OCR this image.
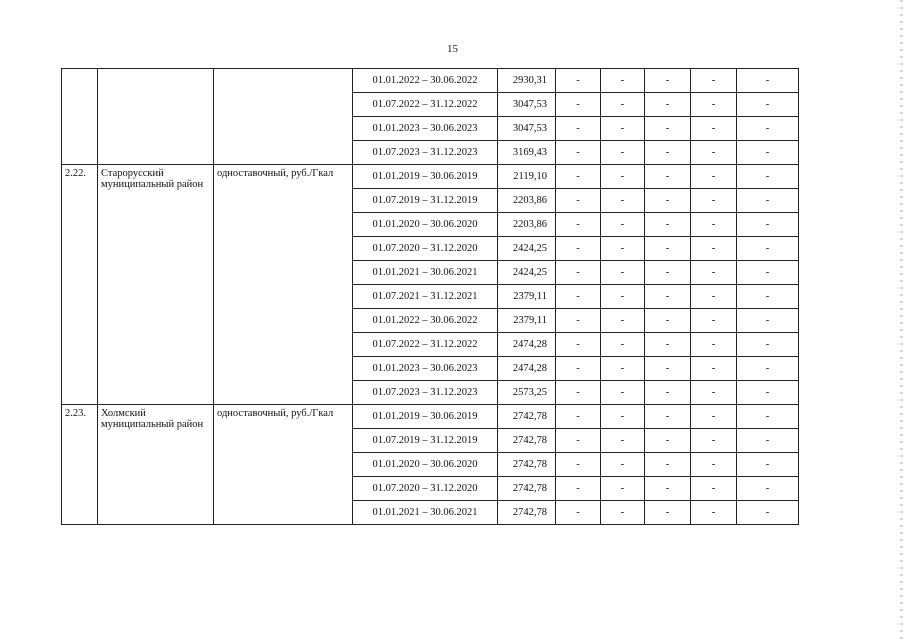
15
			01.01.2022 – 30.06.2022	2930,31	-	-	-	-	-
			01.07.2022 – 31.12.2022	3047,53	-	-	-	-	-
			01.01.2023 – 30.06.2023	3047,53	-	-	-	-	-
			01.07.2023 – 31.12.2023	3169,43	-	-	-	-	-
2.22.	Старорусский муниципальный район	одноставочный, руб./Гкал	01.01.2019 – 30.06.2019	2119,10	-	-	-	-	-
			01.07.2019 – 31.12.2019	2203,86	-	-	-	-	-
			01.01.2020 – 30.06.2020	2203,86	-	-	-	-	-
			01.07.2020 – 31.12.2020	2424,25	-	-	-	-	-
			01.01.2021 – 30.06.2021	2424,25	-	-	-	-	-
			01.07.2021 – 31.12.2021	2379,11	-	-	-	-	-
			01.01.2022 – 30.06.2022	2379,11	-	-	-	-	-
			01.07.2022 – 31.12.2022	2474,28	-	-	-	-	-
			01.01.2023 – 30.06.2023	2474,28	-	-	-	-	-
			01.07.2023 – 31.12.2023	2573,25	-	-	-	-	-
2.23.	Холмский муниципальный район	одноставочный, руб./Гкал	01.01.2019 – 30.06.2019	2742,78	-	-	-	-	-
			01.07.2019 – 31.12.2019	2742,78	-	-	-	-	-
			01.01.2020 – 30.06.2020	2742,78	-	-	-	-	-
			01.07.2020 – 31.12.2020	2742,78	-	-	-	-	-
			01.01.2021 – 30.06.2021	2742,78	-	-	-	-	-
